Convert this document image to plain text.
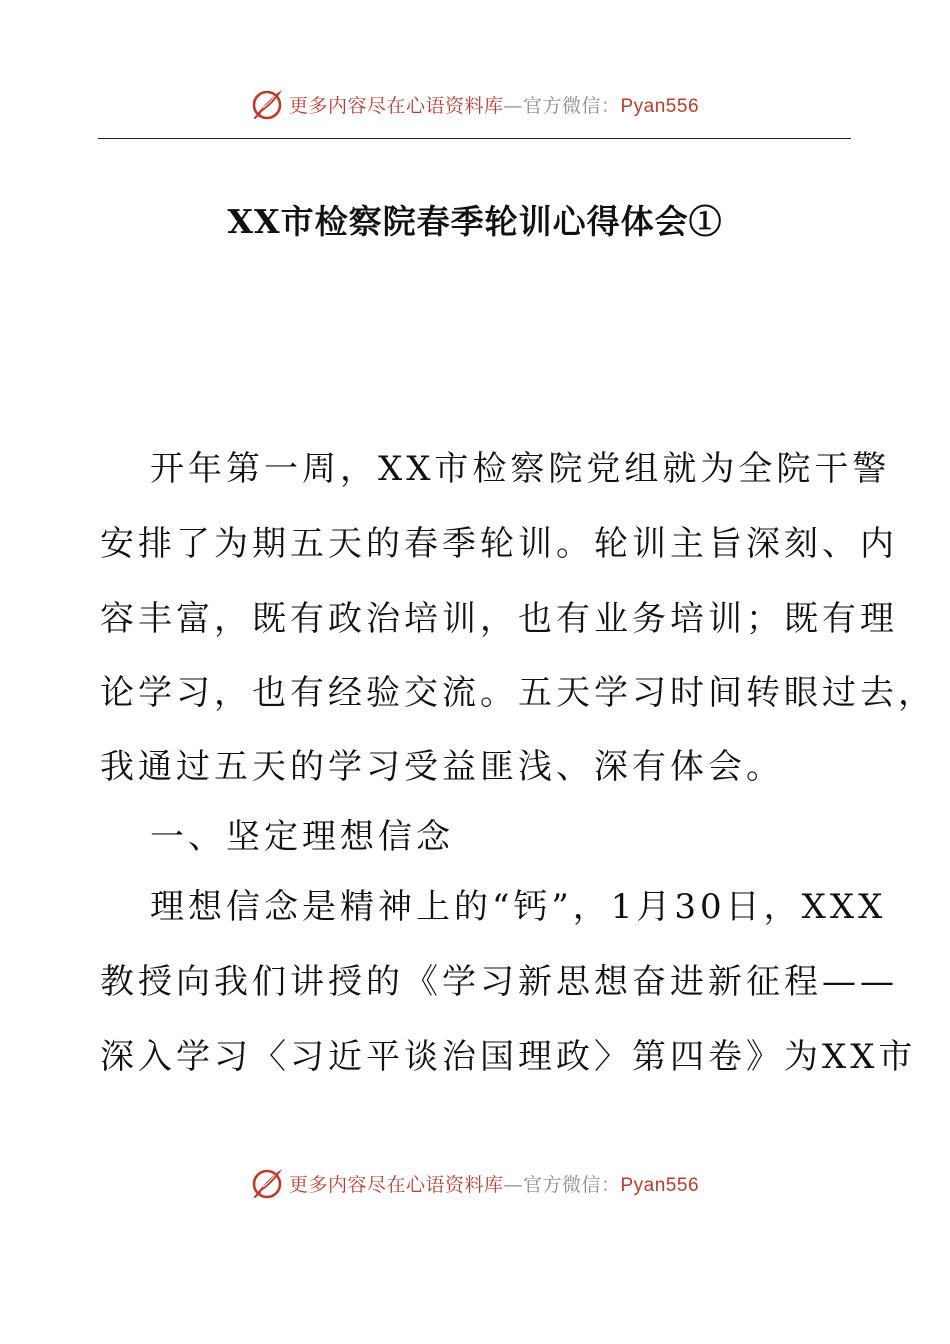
更多内容尽在心语资料库—官方微信：Pyan556
XX市检察院春季轮训心得体会①
开年第一周，XX市检察院党组就为全院干警
安排了为期五天的春季轮训。轮训主旨深刻、内
容丰富，既有政治培训，也有业务培训；既有理
论学习，也有经验交流。五天学习时间转眼过去，
我通过五天的学习受益匪浅、深有体会。
一、坚定理想信念
理想信念是精神上的“钙”，1月30日，XXX
教授向我们讲授的《学习新思想奋进新征程——
深入学习〈习近平谈治国理政〉第四卷》为XX市
更多内容尽在心语资料库—官方微信：Pyan556
